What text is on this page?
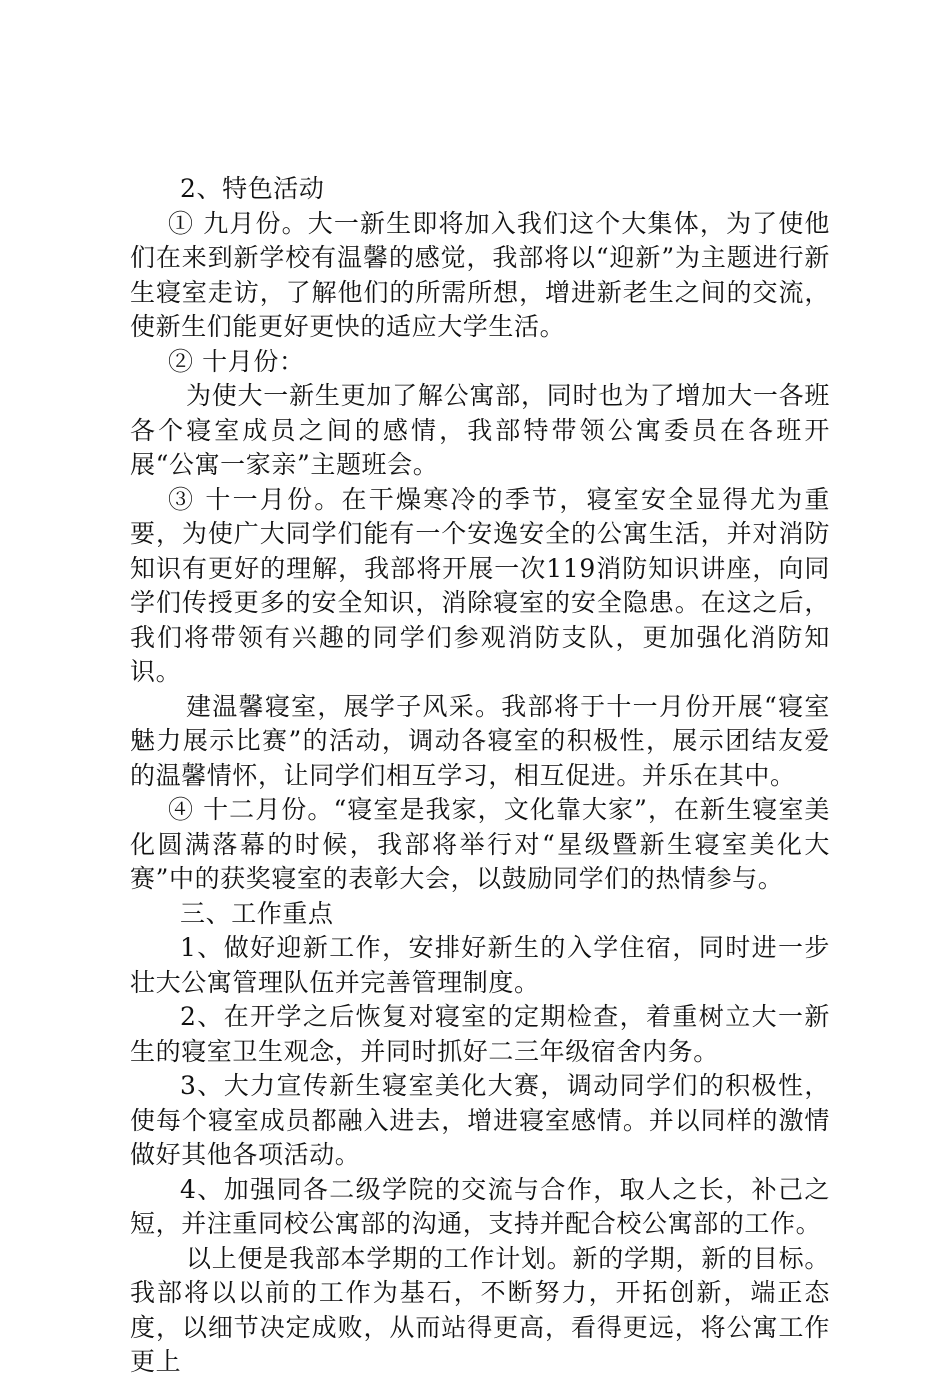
2、特色活动

① 九月份。大一新生即将加入我们这个大集体，为了使他们在来到新学校有温馨的感觉，我部将以“迎新”为主题进行新生寝室走访，了解他们的所需所想，增进新老生之间的交流，使新生们能更好更快的适应大学生活。

② 十月份：

为使大一新生更加了解公寓部，同时也为了增加大一各班各个寝室成员之间的感情，我部特带领公寓委员在各班开展“公寓一家亲”主题班会。

③ 十一月份。在干燥寒冷的季节，寝室安全显得尤为重要，为使广大同学们能有一个安逸安全的公寓生活，并对消防知识有更好的理解，我部将开展一次119消防知识讲座，向同学们传授更多的安全知识，消除寝室的安全隐患。在这之后，我们将带领有兴趣的同学们参观消防支队，更加强化消防知识。

建温馨寝室，展学子风采。我部将于十一月份开展“寝室魅力展示比赛”的活动，调动各寝室的积极性，展示团结友爱的温馨情怀，让同学们相互学习，相互促进。并乐在其中。

④ 十二月份。“寝室是我家，文化靠大家”，在新生寝室美化圆满落幕的时候，我部将举行对“星级暨新生寝室美化大赛”中的获奖寝室的表彰大会，以鼓励同学们的热情参与。

三、工作重点

1、做好迎新工作，安排好新生的入学住宿，同时进一步壮大公寓管理队伍并完善管理制度。

2、在开学之后恢复对寝室的定期检查，着重树立大一新生的寝室卫生观念，并同时抓好二三年级宿舍内务。

3、大力宣传新生寝室美化大赛，调动同学们的积极性，使每个寝室成员都融入进去，增进寝室感情。并以同样的激情做好其他各项活动。

4、加强同各二级学院的交流与合作，取人之长，补己之短，并注重同校公寓部的沟通，支持并配合校公寓部的工作。

以上便是我部本学期的工作计划。新的学期，新的目标。我部将以以前的工作为基石，不断努力，开拓创新，端正态度，以细节决定成败，从而站得更高，看得更远，将公寓工作更上
